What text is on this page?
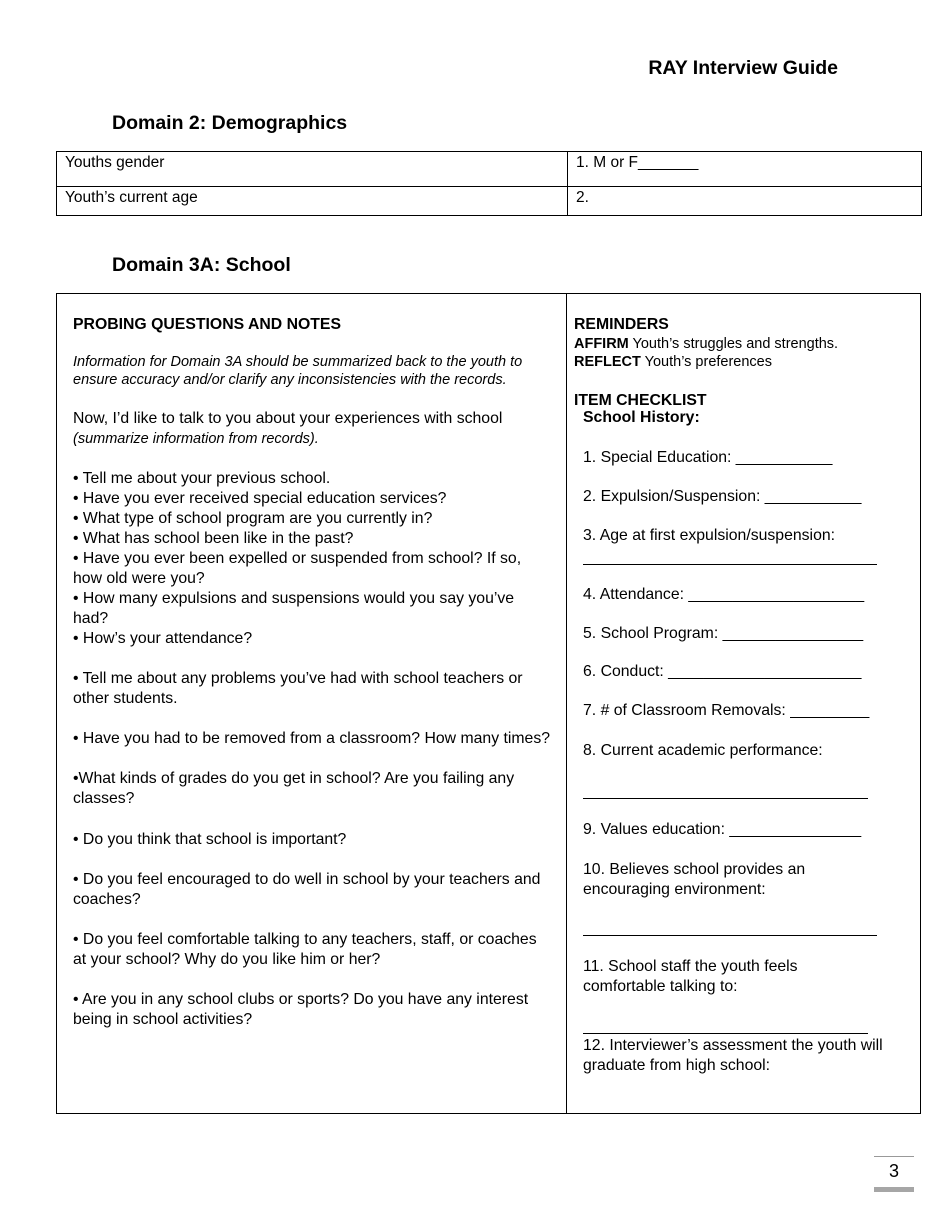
RAY Interview Guide
Domain 2: Demographics
Youths gender	1. M or F_______
Youth’s current age	2.
Domain 3A: School

PROBING QUESTIONS AND NOTES

Information for Domain 3A should be summarized back to the youth to ensure accuracy and/or clarify any inconsistencies with the records.

Now, I’d like to talk to you about your experiences with school
(summarize information from records).

• Tell me about your previous school.

• Have you ever received special education services?

• What type of school program are you currently in?

• What has school been like in the past?

• Have you ever been expelled or suspended from school? If so, how old were you?

• How many expulsions and suspensions would you say you’ve had?

• How’s your attendance?

• Tell me about any problems you’ve had with school teachers or other students.

• Have you had to be removed from a classroom? How many times?

•What kinds of grades do you get in school? Are you failing any classes?

• Do you think that school is important?

• Do you feel encouraged to do well in school by your teachers and coaches?

• Do you feel comfortable talking to any teachers, staff, or coaches at your school? Why do you like him or her?

• Are you in any school clubs or sports? Do you have any interest being in school activities?

REMINDERS
AFFIRM Youth’s struggles and strengths.
REFLECT Youth’s preferences
ITEM CHECKLIST
School History:
1. Special Education: ___________
2. Expulsion/Suspension: ___________
3. Age at first expulsion/suspension:
4. Attendance: ____________________
5. School Program: ________________
6. Conduct: ______________________
7. # of Classroom Removals: _________
8. Current academic performance:
9. Values education: _______________
10. Believes school provides an encouraging environment:
11. School staff the youth feels comfortable talking to:
12. Interviewer’s assessment the youth will graduate from high school:
3
